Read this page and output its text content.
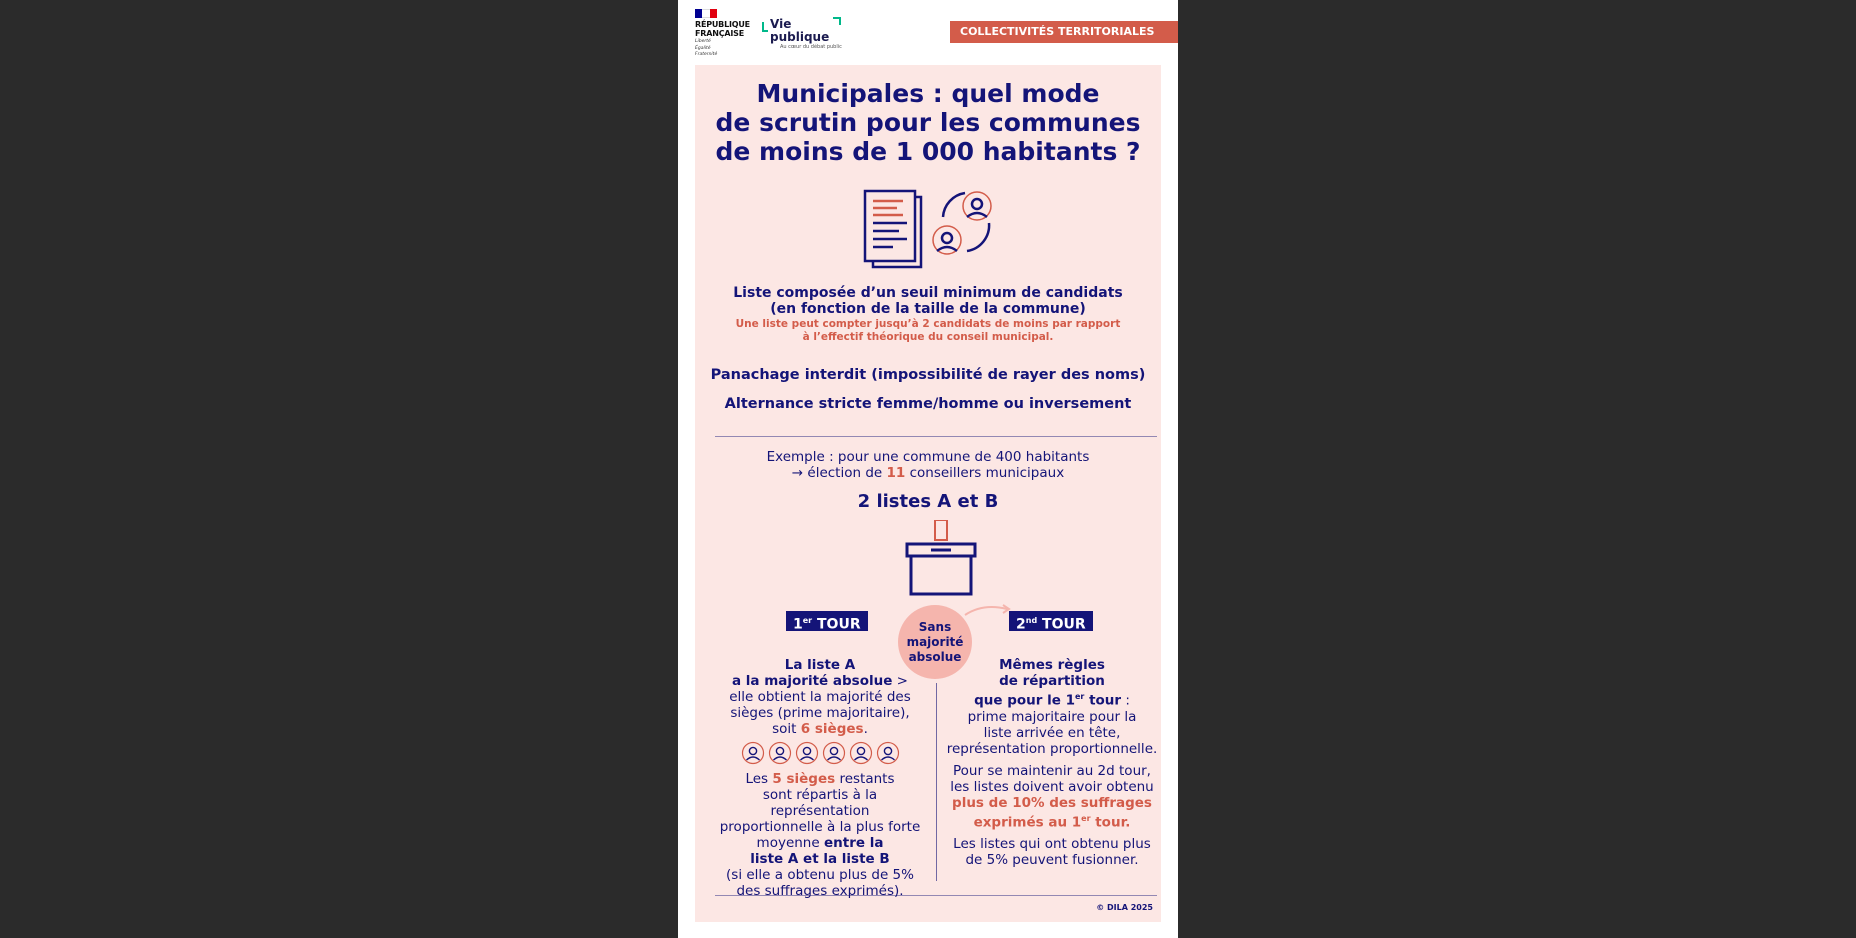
RÉPUBLIQUE
FRANÇAISE
Liberté
Égalité
Fraternité
Vie publique
Au cœur du débat public
COLLECTIVITÉS TERRITORIALES
Municipales : quel mode
de scrutin pour les communes
de moins de 1 000 habitants ?
Liste composée d’un seuil minimum de candidats
(en fonction de la taille de la commune)
Une liste peut compter jusqu’à 2 candidats de moins par rapport
à l’effectif théorique du conseil municipal.
Panachage interdit (impossibilité de rayer des noms)
Alternance stricte femme/homme ou inversement
Exemple : pour une commune de 400 habitants
→ élection de 11 conseillers municipaux
2 listes A et B
1er TOUR	Sans
majorité
absolue
2nd TOUR
La liste A
a la majorité absolue >
elle obtient la majorité des
sièges (prime majoritaire),
soit 6 sièges.
Les 5 sièges restants
sont répartis à la représentation
proportionnelle à la plus forte
moyenne entre la
liste A et la liste B
(si elle a obtenu plus de 5%
des suffrages exprimés).
Mêmes règles
de répartition
que pour le 1er tour :
prime majoritaire pour la
liste arrivée en tête,
représentation proportionnelle.
Pour se maintenir au 2d tour,
les listes doivent avoir obtenu
plus de 10% des suffrages
exprimés au 1er tour.
Les listes qui ont obtenu plus
de 5% peuvent fusionner.
© DILA 2025
